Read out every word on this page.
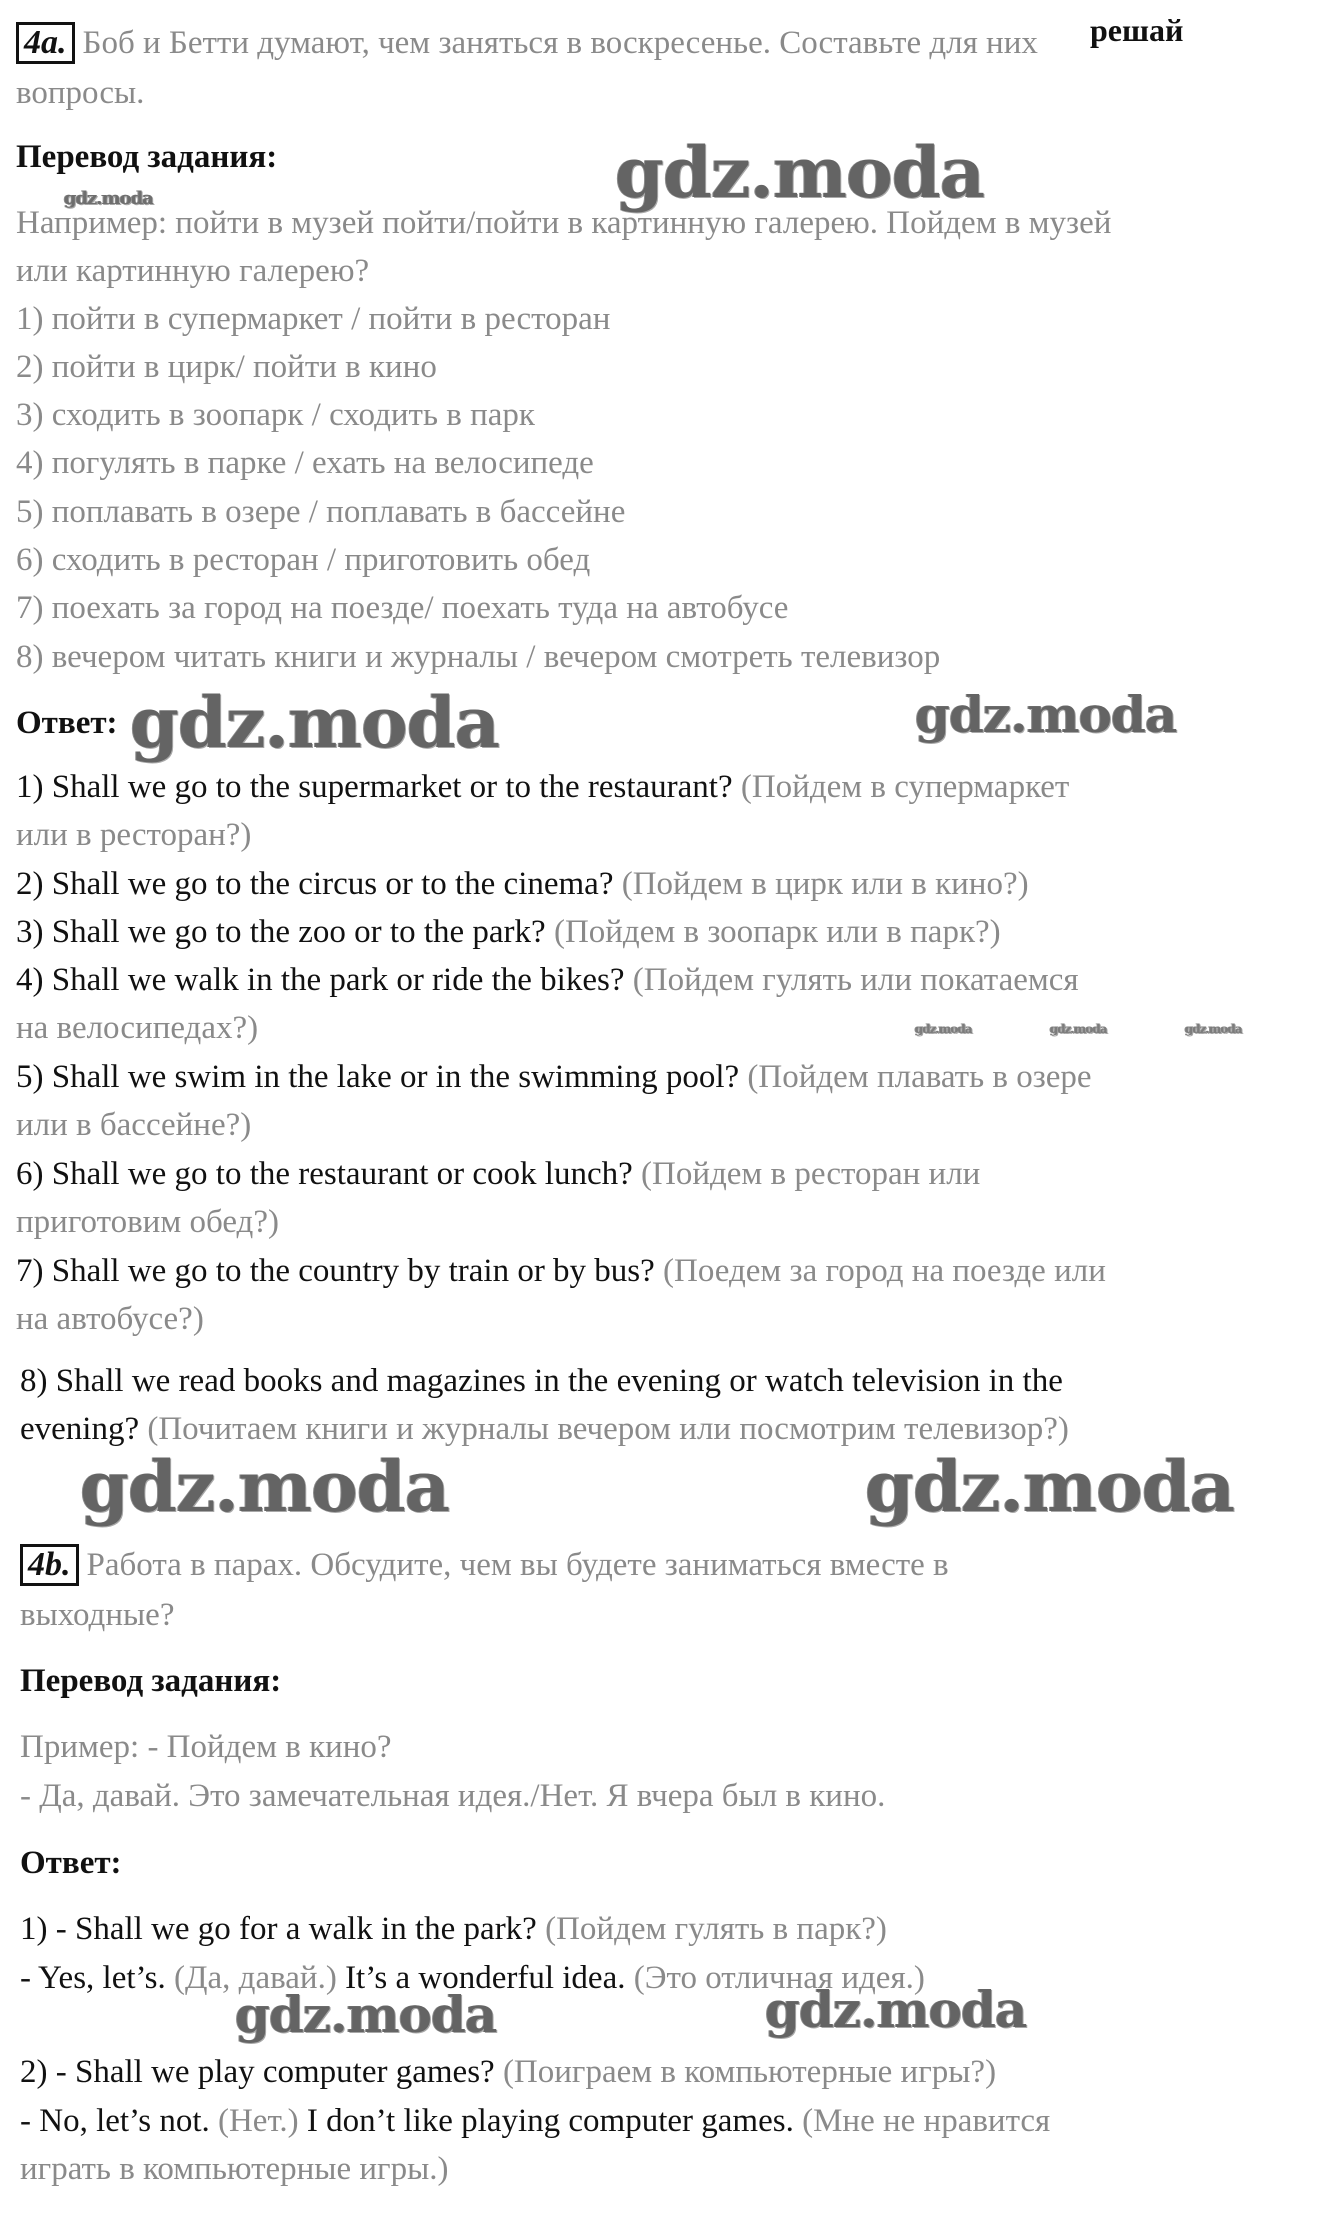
решай
4a. Боб и Бетти думают, чем заняться в воскресенье. Составьте для них
вопросы.
Перевод задания:
Например: пойти в музей пойти/пойти в картинную галерею. Пойдем в музей
или картинную галерею?
1) пойти в супермаркет / пойти в ресторан
2) пойти в цирк/ пойти в кино
3) сходить в зоопарк / сходить в парк
4) погулять в парке / ехать на велосипеде
5) поплавать в озере / поплавать в бассейне
6) сходить в ресторан / приготовить обед
7) поехать за город на поезде/ поехать туда на автобусе
8) вечером читать книги и журналы / вечером смотреть телевизор
Ответ:
1) Shall we go to the supermarket or to the restaurant? (Пойдем в супермаркет
или в ресторан?)
2) Shall we go to the circus or to the cinema? (Пойдем в цирк или в кино?)
3) Shall we go to the zoo or to the park? (Пойдем в зоопарк или в парк?)
4) Shall we walk in the park or ride the bikes? (Пойдем гулять или покатаемся
на велосипедах?)
5) Shall we swim in the lake or in the swimming pool? (Пойдем плавать в озере
или в бассейне?)
6) Shall we go to the restaurant or cook lunch? (Пойдем в ресторан или
приготовим обед?)
7) Shall we go to the country by train or by bus? (Поедем за город на поезде или
на автобусе?)
8) Shall we read books and magazines in the evening or watch television in the
evening? (Почитаем книги и журналы вечером или посмотрим телевизор?)
4b. Работа в парах. Обсудите, чем вы будете заниматься вместе в
выходные?
Перевод задания:
Пример: - Пойдем в кино?
- Да, давай. Это замечательная идея./Нет. Я вчера был в кино.
Ответ:
1) - Shall we go for a walk in the park? (Пойдем гулять в парк?)
- Yes, let’s. (Да, давай.) It’s a wonderful idea. (Это отличная идея.)
2) - Shall we play computer games? (Поиграем в компьютерные игры?)
- No, let’s not. (Нет.) I don’t like playing computer games. (Мне не нравится
играть в компьютерные игры.)
gdz.moda
gdz.moda
gdz.moda	gdz.moda
gdz.moda	gdz.moda	gdz.moda
gdz.moda	gdz.moda
gdz.moda	gdz.moda
